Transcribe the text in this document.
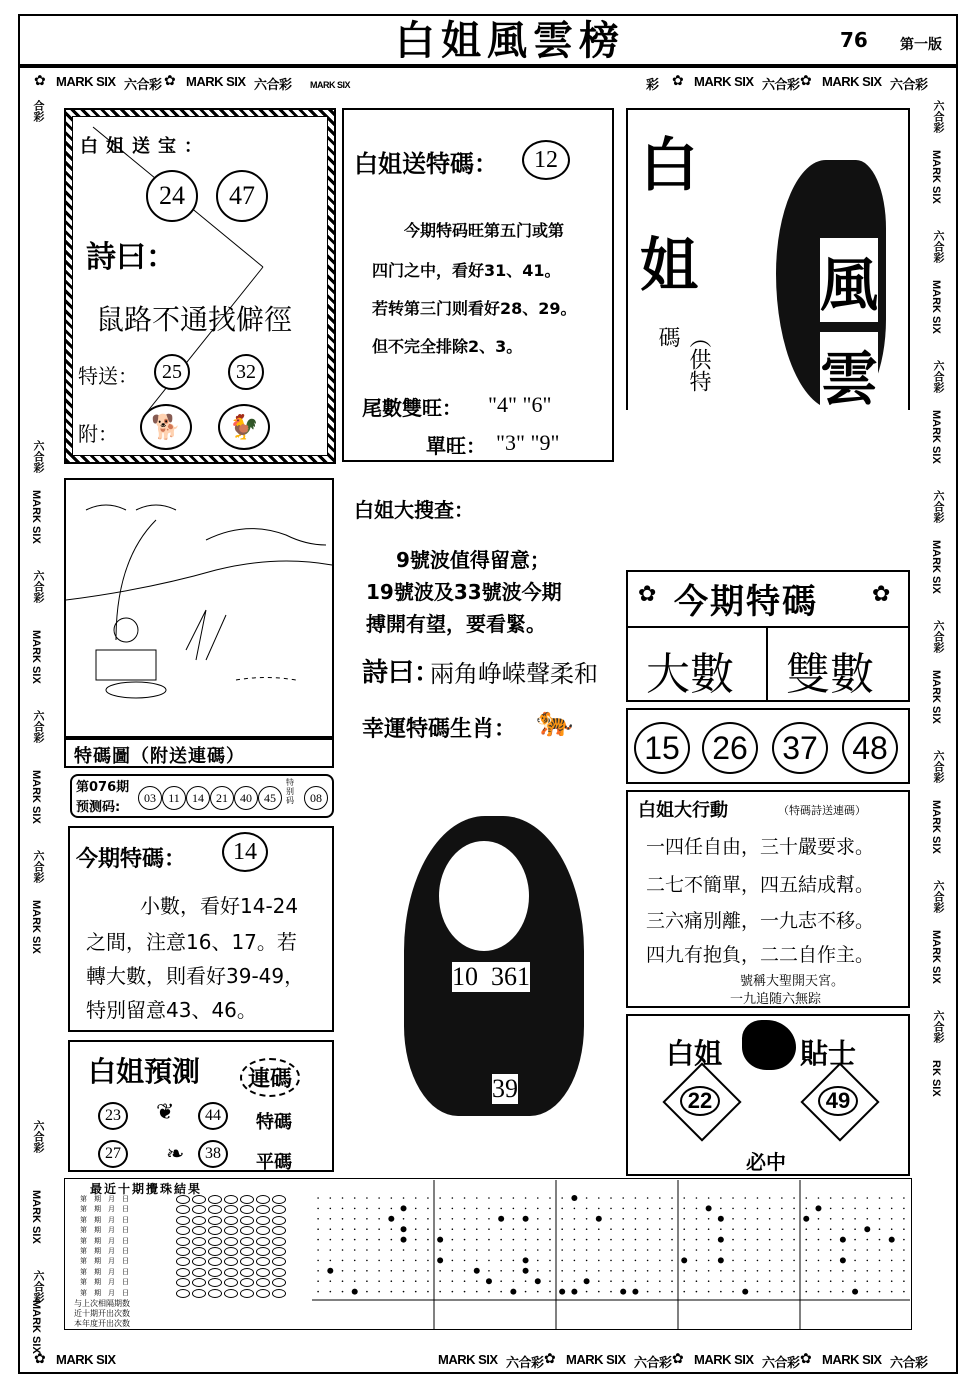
白姐風雲榜	76 第一版
✿ MARK SIX 六合彩 ✿ MARK SIX 六合彩 MARK SIX	彩 ✿ MARK SIX 六合彩 ✿ MARK SIX 六合彩
合彩
六合彩
MARK SIX
六合彩
MARK SIX
六合彩
MARK SIX
六合彩
MARK SIX
六合彩
MARK SIX
六合彩
MARK SIX
六合彩
MARK SIX
六合彩
MARK SIX
六合彩
MARK SIX
六合彩
MARK SIX
六合彩
MARK SIX
六合彩
MARK SIX
六合彩
MARK SIX
六合彩
RK SIX
白姐送宝：
24	47
詩曰：
鼠路不通找僻徑
特送：	25	32
附：	🐕	🐓
白姐送特碼：	12
今期特码旺第五门或第
四门之中，看好31、41。
若转第三门则看好28、29。
但不完全排除2、3。
尾數雙旺： "4" "6"
單旺： "3" "9"
白
姐 風
雲
（供特碼
特碼圖（附送連碼）
白姐大搜查：
9號波值得留意；
19號波及33號波今期
搏開有望，要看緊。
詩曰：
兩角峥嵘聲柔和
幸運特碼生肖： 🐅
✿	✿
今期特碼
大數 雙數
15	26	37	48
第076期
预测码:
03	11	14	21	40	45
特别码	08
今期特碼：	14
小數，看好14-24
之間，注意16、17。若
轉大數，則看好39-49，
特別留意43、46。
10  361
39
白姐大行動	（特碼詩送連碼）
一四任自由，三十嚴要求。
二七不簡單，四五結成幫。
三六痛別離，一九志不移。
四九有抱負，二二自作主。
號稱大聖開天宮。
一九追随六無踪
白姐預測	連碼
23	❦	44	特碼
27	❧	38	平碼
白姐	貼士
22	49
必中
最近十期攪珠結果
第　期　月　日
第　期　月　日
第　期　月　日
第　期　月　日
第　期　月　日
第　期　月　日
第　期　月　日
第　期　月　日
第　期　月　日
第　期　月　日
与上次相隔期数
近十期开出次数
本年度开出次数
✿ MARK SIX	MARK SIX 六合彩 ✿ MARK SIX 六合彩 ✿ MARK SIX 六合彩 ✿ MARK SIX 六合彩
